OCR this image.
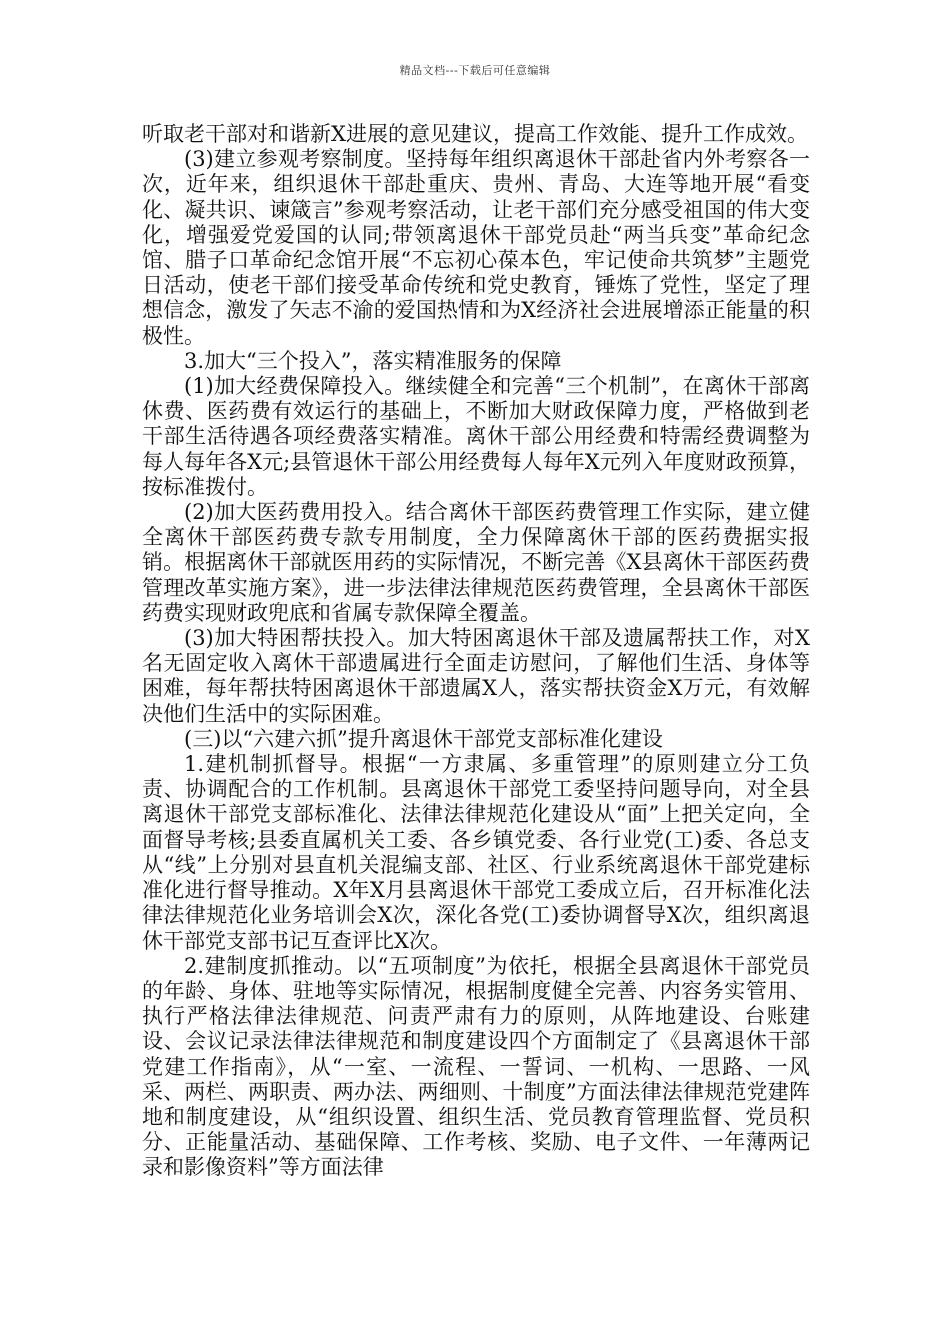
精品文档---下载后可任意编辑

听取老干部对和谐新X进展的意见建议，提高工作效能、提升工作成效。

(3)建立参观考察制度。坚持每年组织离退休干部赴省内外考察各一次，近年来，组织退休干部赴重庆、贵州、青岛、大连等地开展“看变化、凝共识、谏箴言”参观考察活动，让老干部们充分感受祖国的伟大变化，增强爱党爱国的认同;带领离退休干部党员赴“两当兵变”革命纪念馆、腊子口革命纪念馆开展“不忘初心葆本色，牢记使命共筑梦”主题党日活动，使老干部们接受革命传统和党史教育，锤炼了党性，坚定了理想信念，激发了矢志不渝的爱国热情和为X经济社会进展增添正能量的积极性。

3.加大“三个投入”，落实精准服务的保障

(1)加大经费保障投入。继续健全和完善“三个机制”，在离休干部离休费、医药费有效运行的基础上，不断加大财政保障力度，严格做到老干部生活待遇各项经费落实精准。离休干部公用经费和特需经费调整为每人每年各X元;县管退休干部公用经费每人每年X元列入年度财政预算，按标准拨付。

(2)加大医药费用投入。结合离休干部医药费管理工作实际，建立健全离休干部医药费专款专用制度，全力保障离休干部的医药费据实报销。根据离休干部就医用药的实际情况，不断完善《X县离休干部医药费管理改革实施方案》，进一步法律法律规范医药费管理，全县离休干部医药费实现财政兜底和省属专款保障全覆盖。

(3)加大特困帮扶投入。加大特困离退休干部及遗属帮扶工作，对X名无固定收入离休干部遗属进行全面走访慰问，了解他们生活、身体等困难，每年帮扶特困离退休干部遗属X人，落实帮扶资金X万元，有效解决他们生活中的实际困难。

(三)以“六建六抓”提升离退休干部党支部标准化建设

1.建机制抓督导。根据“一方隶属、多重管理”的原则建立分工负责、协调配合的工作机制。县离退休干部党工委坚持问题导向，对全县离退休干部党支部标准化、法律法律规范化建设从“面”上把关定向，全面督导考核;县委直属机关工委、各乡镇党委、各行业党(工)委、各总支从“线”上分别对县直机关混编支部、社区、行业系统离退休干部党建标准化进行督导推动。X年X月县离退休干部党工委成立后，召开标准化法律法律规范化业务培训会X次，深化各党(工)委协调督导X次，组织离退休干部党支部书记互查评比X次。

2.建制度抓推动。以“五项制度”为依托，根据全县离退休干部党员的年龄、身体、驻地等实际情况，根据制度健全完善、内容务实管用、执行严格法律法律规范、问责严肃有力的原则，从阵地建设、台账建设、会议记录法律法律规范和制度建设四个方面制定了《县离退休干部党建工作指南》，从“一室、一流程、一誓词、一机构、一思路、一风采、两栏、两职责、两办法、两细则、十制度”方面法律法律规范党建阵地和制度建设，从“组织设置、组织生活、党员教育管理监督、党员积分、正能量活动、基础保障、工作考核、奖励、电子文件、一年薄两记录和影像资料”等方面法律
